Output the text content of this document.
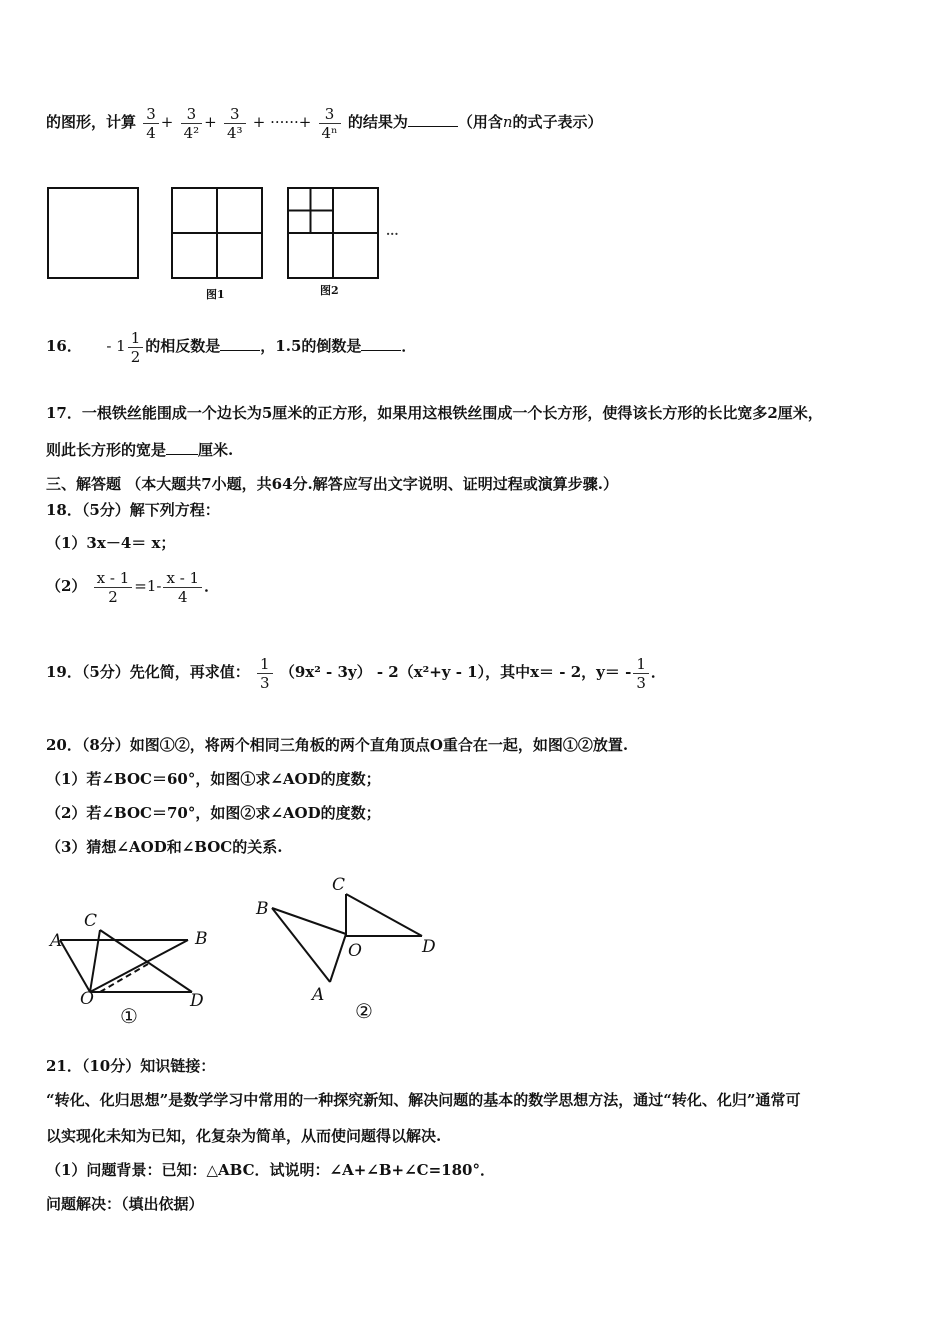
的图形，计算 $\frac{3}{4} + \frac{3}{\text{4²}} + \frac{3}{\text{4³}}$ + ······+ $\frac{3}{\text{4ⁿ}}$ 的结果为	（用含n的式子表示）
···
图1	图2
16． - $1 \frac{1}{2}$ 的相反数是	，1.5的倒数是	．
17．一根铁丝能围成一个边长为5厘米的正方形，如果用这根铁丝围成一个长方形，使得该长方形的长比宽多2厘米，
则此长方形的宽是 厘米.
三、解答题 （本大题共7小题，共64分.解答应写出文字说明、证明过程或演算步骤.）
18．（5分）解下列方程：
（1）3x－4＝ x；
$(2) \frac{x - 1}{2} =1- \frac{x - 1}{4}$ ．
19．（5分）先化简，再求值： $\frac{1}{3} (9x^2 - 3y) - 2(x^2+y - 1)$，其中x＝ - 2，$y= - \frac{1}{3}$ ．
20．（8分）如图①②，将两个相同三角板的两个直角顶点O重合在一起，如图①②放置.
（1）若∠BOC＝60°，如图①求∠AOD的度数；
（2）若∠BOC＝70°，如图②求∠AOD的度数；
（3）猜想∠AOD和∠BOC的关系.
A
C
B
O	D
①
B
C
O	D
A
②
21．（10分）知识链接：
“转化、化归思想”是数学学习中常用的一种探究新知、解决问题的基本的数学思想方法，通过“转化、化归”通常可
以实现化未知为已知，化复杂为简单，从而使问题得以解决.
（1）问题背景：已知：△ABC．试说明：∠A+∠B+∠C=180°．
问题解决：（填出依据）
